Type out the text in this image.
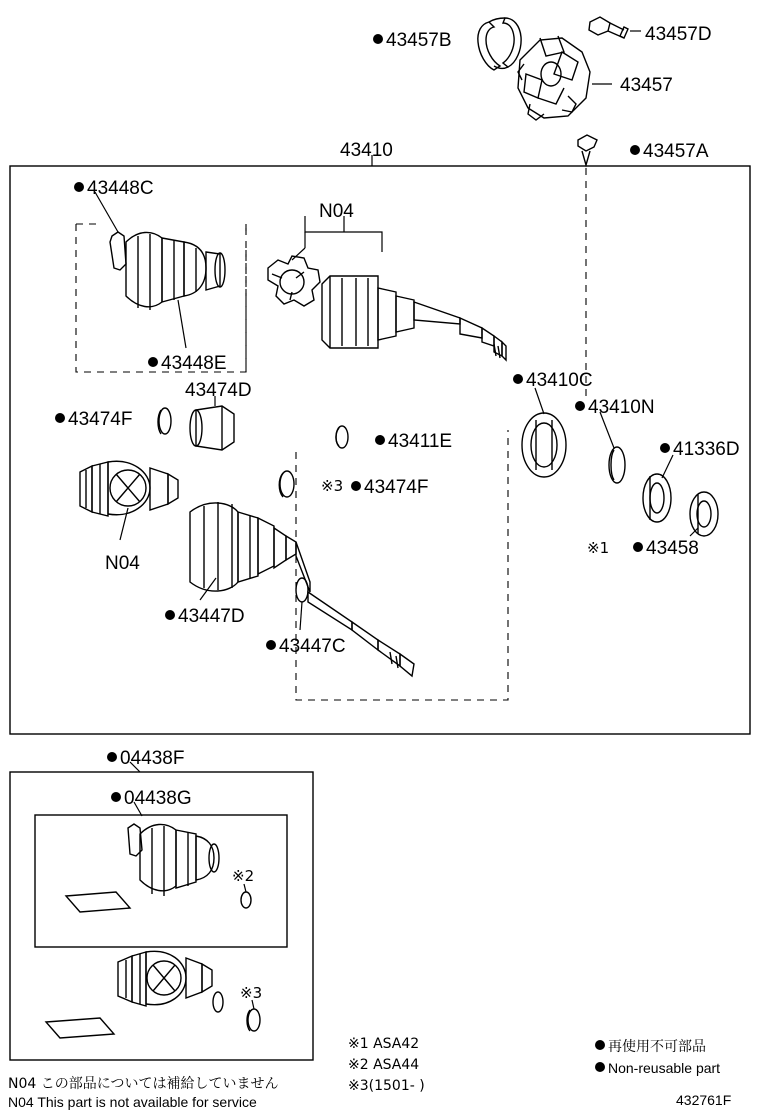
43457B	43457D
43457
43457A
43410
43448C
N04
43448E
43474D
43474F
43410C
43410N
41336D
43411E
43474F
※3
43458
※1
N04
43447D
43447C
04438F
04438G
※2
※3
N04 この部品については補給していません
N04 This part is not available for service
※1 ASA42
※2 ASA44
※3(1501- )
再使用不可部品
Non-reusable part
432761F
